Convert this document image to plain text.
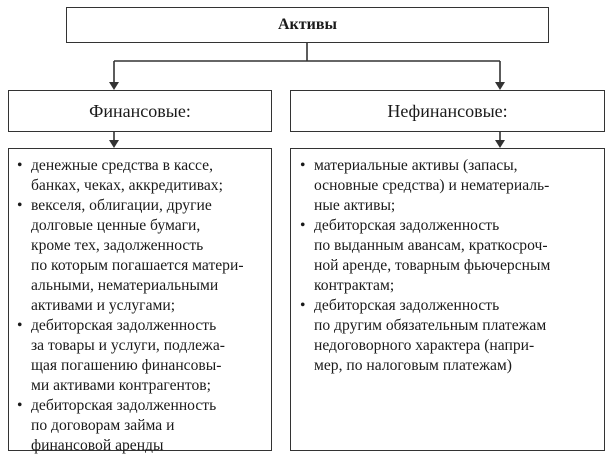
Активы
Финансовые:	Нефинансовые:
• денежные средства в кассе,
банках, чеках, аккредитивах;
• векселя, облигации, другие
долговые ценные бумаги,
кроме тех, задолженность
по которым погашается матери-
альными, нематериальными
активами и услугами;
• дебиторская задолженность
за товары и услуги, подлежа-
щая погашению финансовы-
ми активами контрагентов;
• дебиторская задолженность
по договорам займа и
финансовой аренды
• материальные активы (запасы,
основные средства) и нематериаль-
ные активы;
• дебиторская задолженность
по выданным авансам, краткосроч-
ной аренде, товарным фьючерсным
контрактам;
• дебиторская задолженность
по другим обязательным платежам
недоговорного характера (напри-
мер, по налоговым платежам)
